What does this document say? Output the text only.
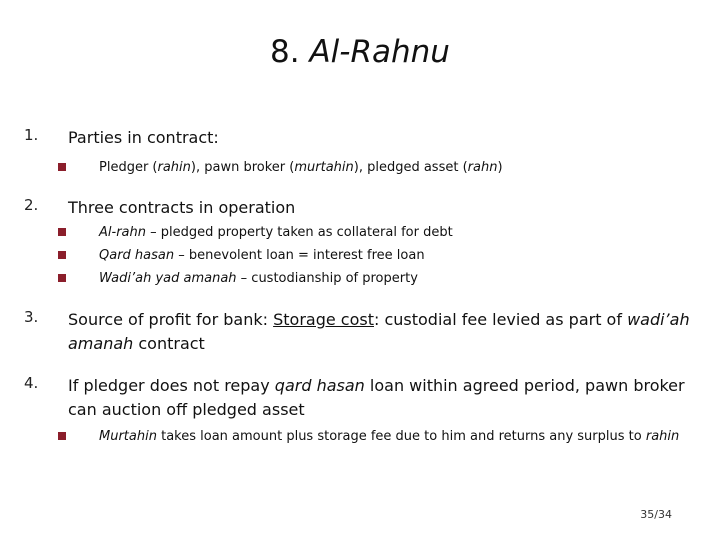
8. Al-Rahnu
1. Parties in contract:
Pledger (rahin), pawn broker (murtahin), pledged asset (rahn)
2. Three contracts in operation
Al-rahn – pledged property taken as collateral for debt
Qard hasan – benevolent loan = interest free loan
Wadi’ah yad amanah – custodianship of property
3. Source of profit for bank: Storage cost: custodial fee levied as part of wadi’ah
amanah contract
4. If pledger does not repay qard hasan loan within agreed period, pawn broker
can auction off pledged asset
Murtahin takes loan amount plus storage fee due to him and returns any surplus to rahin
35/34
